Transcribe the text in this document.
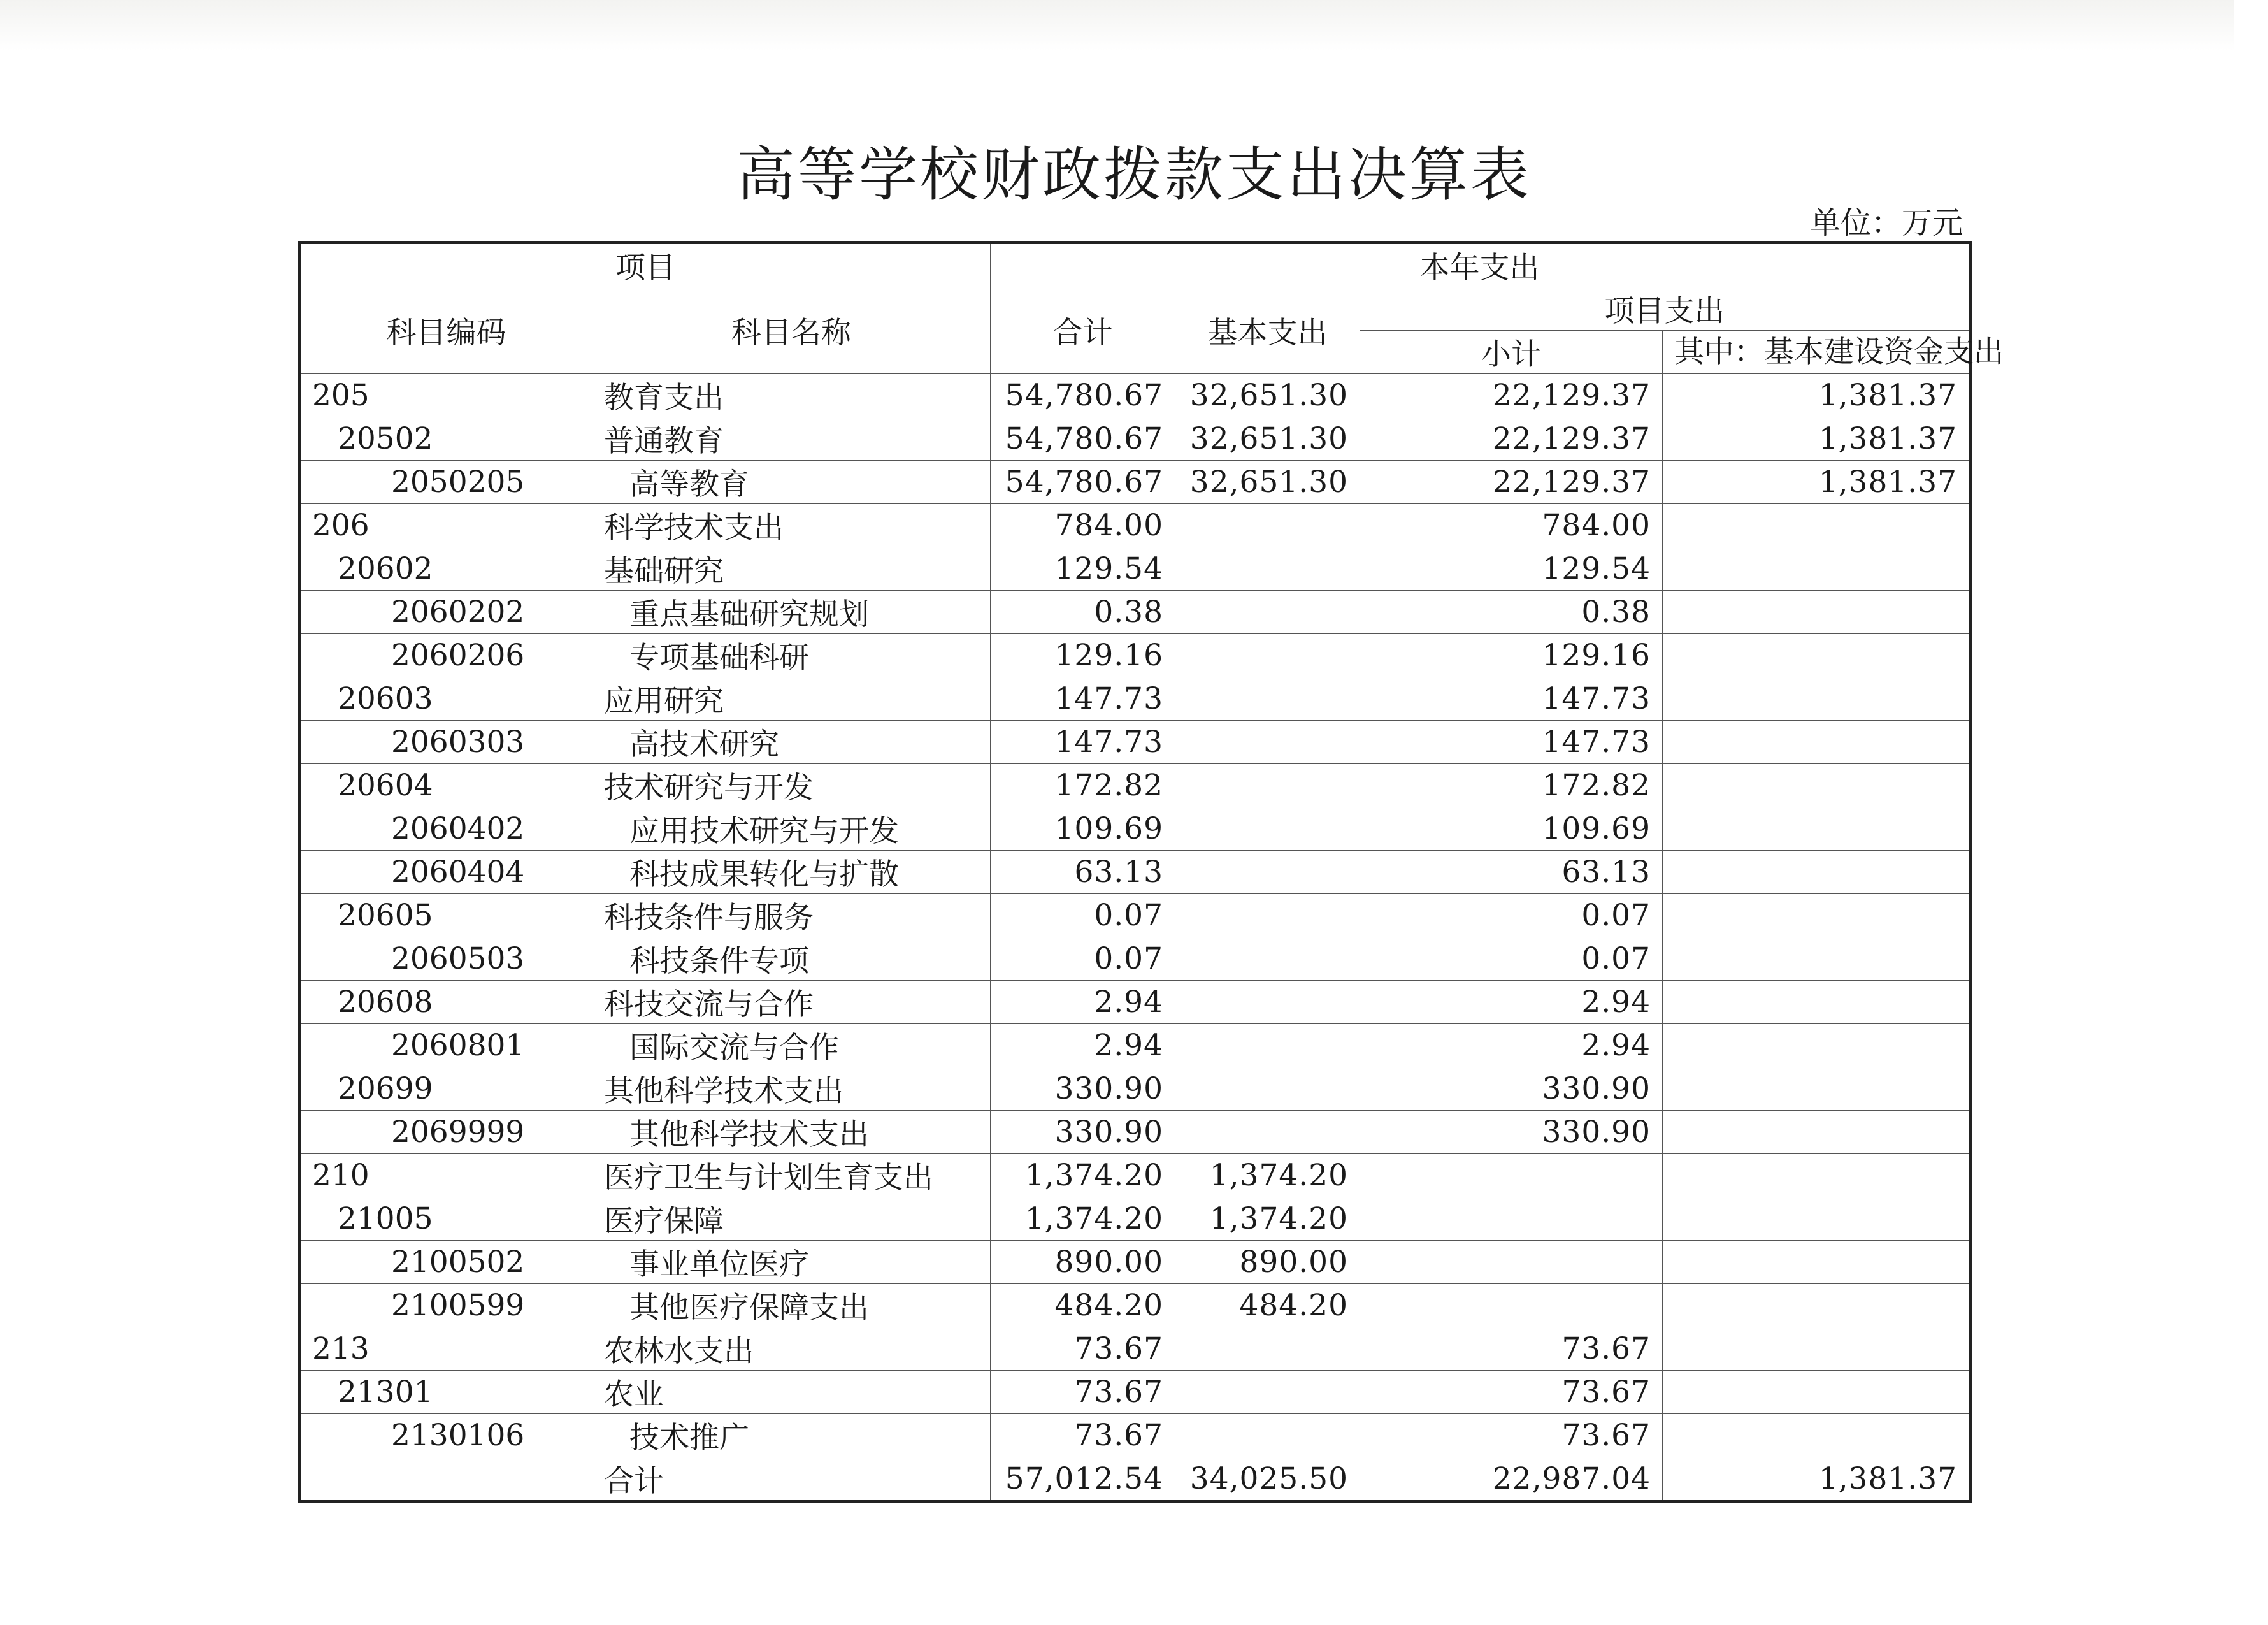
高等学校财政拨款支出决算表
单位：万元
项目		本年支出			
科目编码	科目名称	合计	基本支出	项目支出	
				小计	其中：基本建设资金支出
205	教育支出	54,780.67	32,651.30	22,129.37	1,381.37
20502	普通教育	54,780.67	32,651.30	22,129.37	1,381.37
2050205	高等教育	54,780.67	32,651.30	22,129.37	1,381.37
206	科学技术支出	784.00		784.00	
20602	基础研究	129.54		129.54	
2060202	重点基础研究规划	0.38		0.38	
2060206	专项基础科研	129.16		129.16	
20603	应用研究	147.73		147.73	
2060303	高技术研究	147.73		147.73	
20604	技术研究与开发	172.82		172.82	
2060402	应用技术研究与开发	109.69		109.69	
2060404	科技成果转化与扩散	63.13		63.13	
20605	科技条件与服务	0.07		0.07	
2060503	科技条件专项	0.07		0.07	
20608	科技交流与合作	2.94		2.94	
2060801	国际交流与合作	2.94		2.94	
20699	其他科学技术支出	330.90		330.90	
2069999	其他科学技术支出	330.90		330.90	
210	医疗卫生与计划生育支出	1,374.20	1,374.20		
21005	医疗保障	1,374.20	1,374.20		
2100502	事业单位医疗	890.00	890.00		
2100599	其他医疗保障支出	484.20	484.20		
213	农林水支出	73.67		73.67	
21301	农业	73.67		73.67	
2130106	技术推广	73.67		73.67	
	合计	57,012.54	34,025.50	22,987.04	1,381.37
